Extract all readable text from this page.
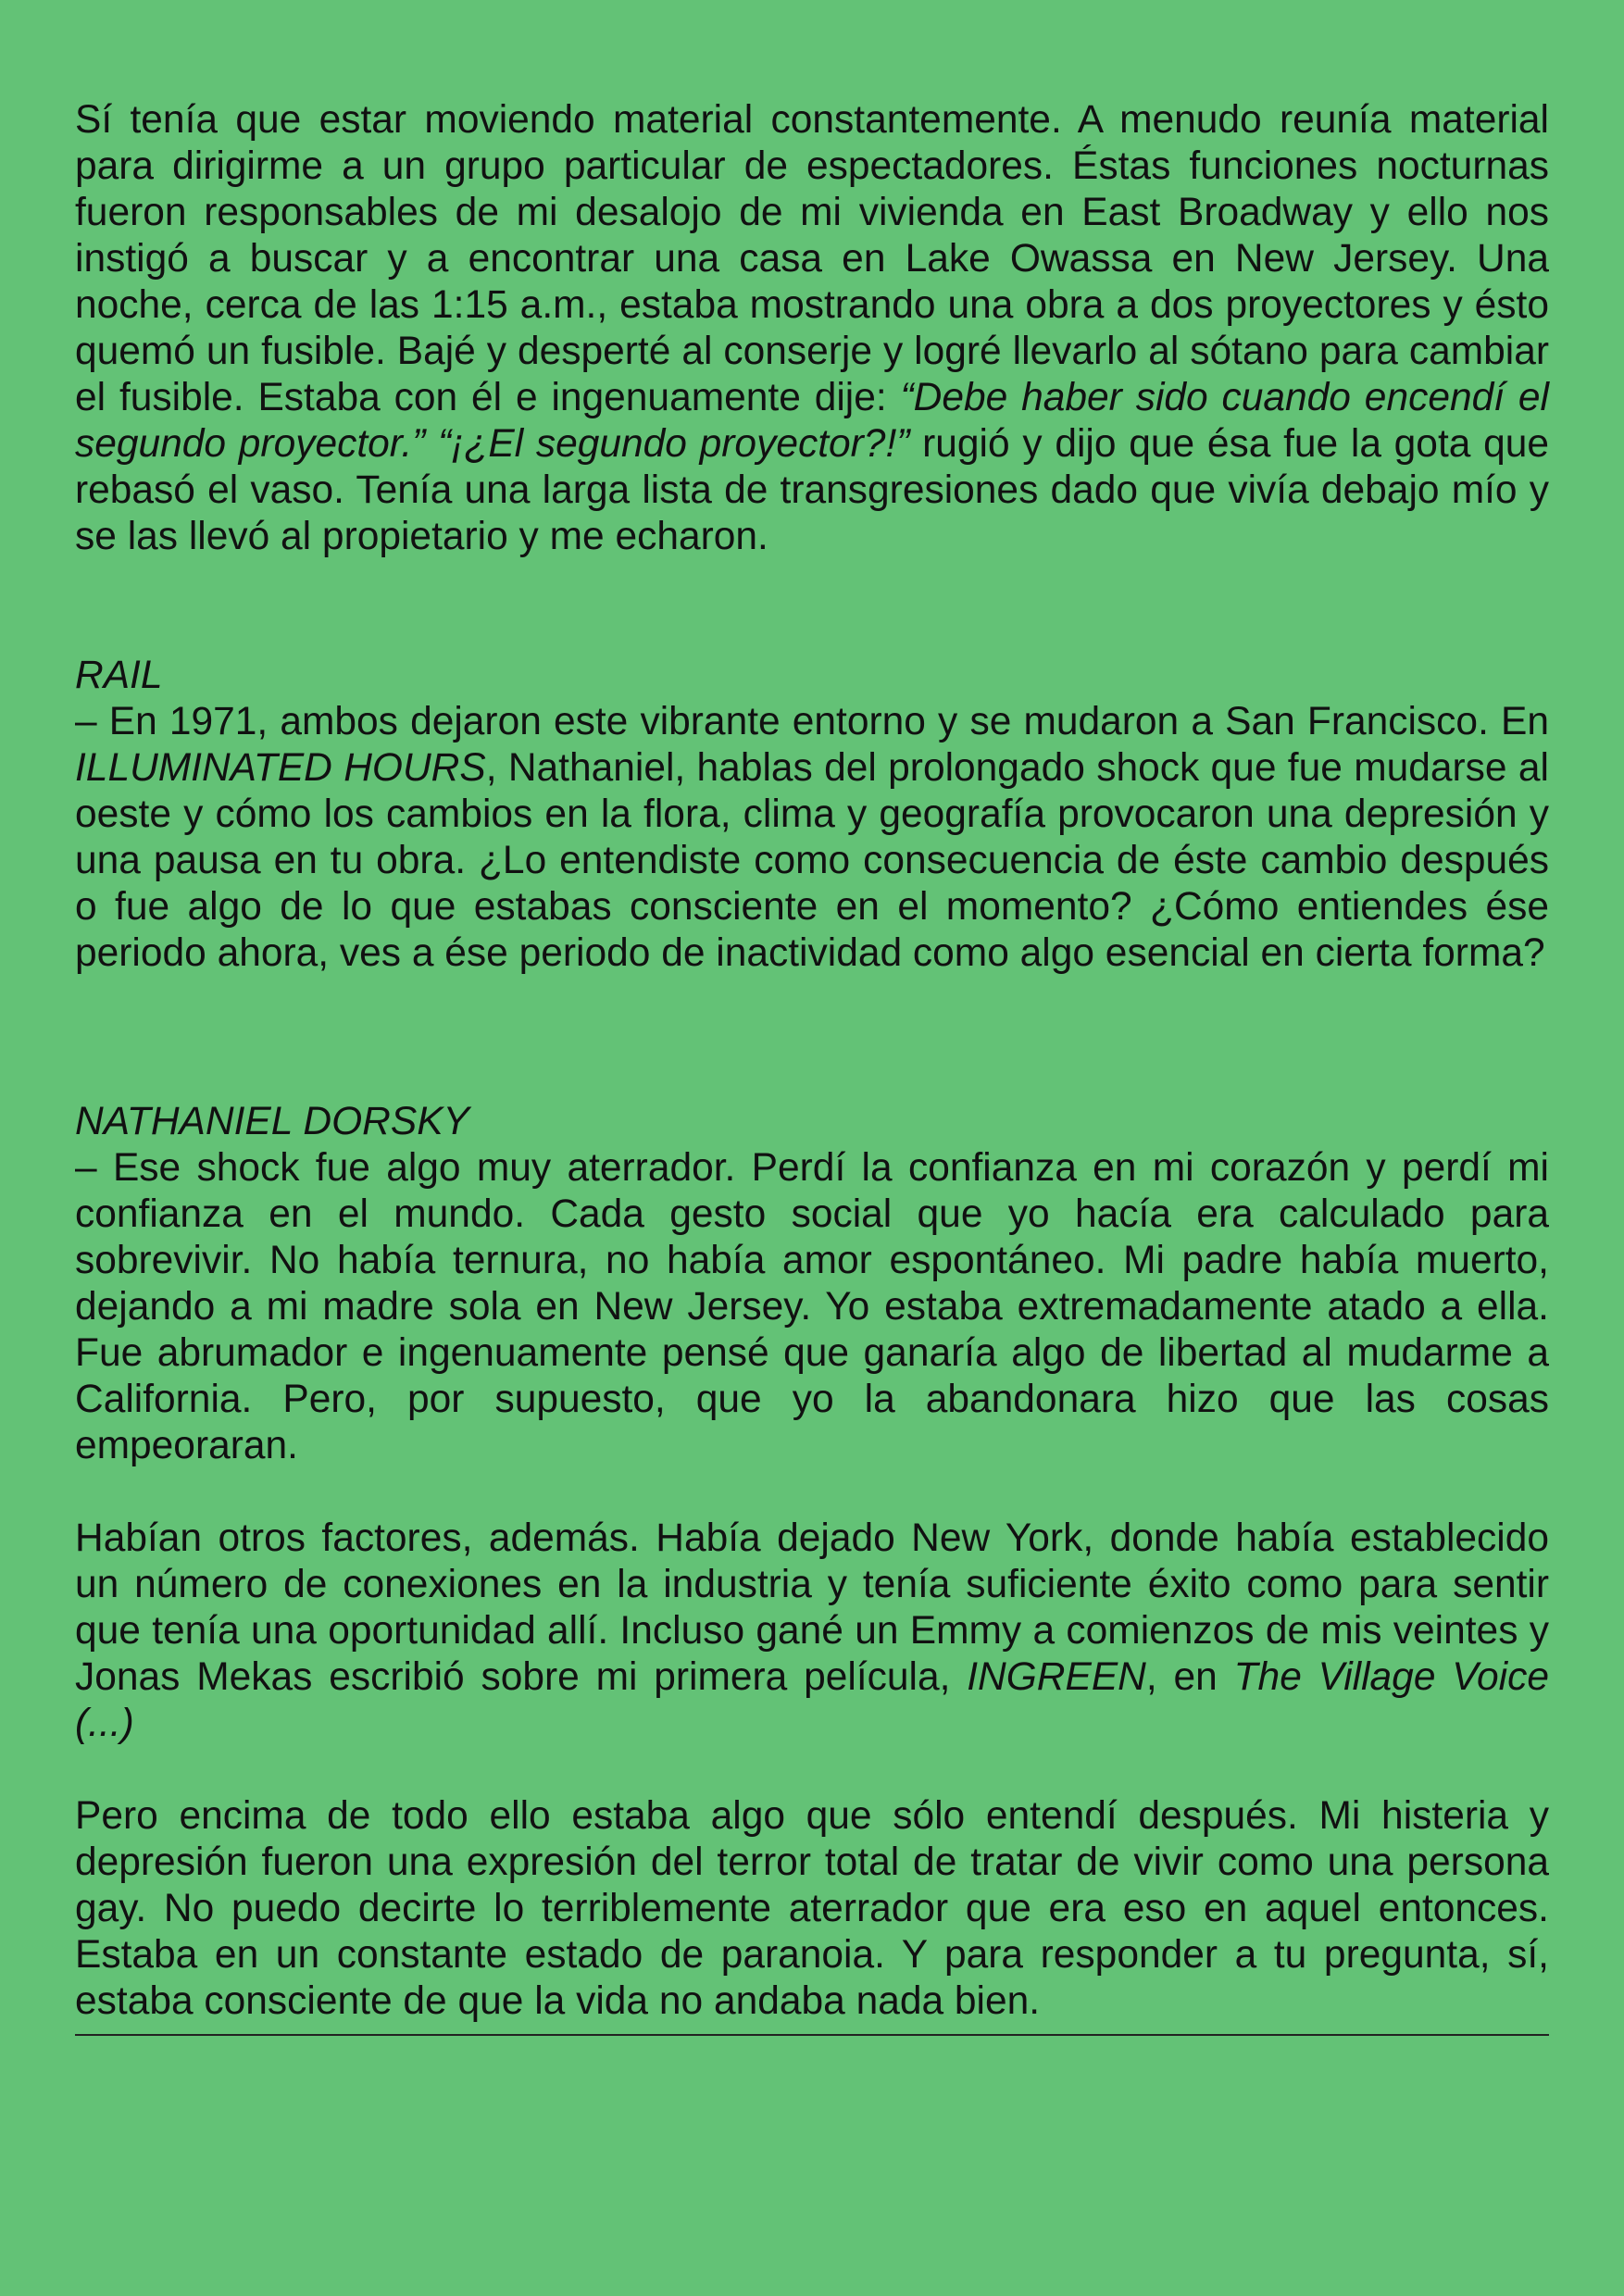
Sí tenía que estar moviendo material constantemente. A menudo reunía material para dirigirme a un grupo particular de espectadores. Éstas funciones nocturnas fueron responsables de mi desalojo de mi vivienda en East Broadway y ello nos instigó a buscar y a encontrar una casa en Lake Owassa en New Jersey. Una noche, cerca de las 1:15 a.m., estaba mostrando una obra a dos proyectores y ésto quemó un fusible. Bajé y desperté al conserje y logré llevarlo al sótano para cambiar el fusible. Estaba con él e ingenuamente dije: “Debe haber sido cuando encendí el segundo proyector.” “¡¿El segundo proyector?!” rugió y dijo que ésa fue la gota que rebasó el vaso. Tenía una larga lista de transgresiones dado que vivía debajo mío y se las llevó al propietario y me echaron.

RAIL

– En 1971, ambos dejaron este vibrante entorno y se mudaron a San Francisco. En ILLUMINATED HOURS, Nathaniel, hablas del prolongado shock que fue mudarse al oeste y cómo los cambios en la flora, clima y geografía provocaron una depresión y una pausa en tu obra. ¿Lo entendiste como consecuencia de éste cambio después o fue algo de lo que estabas consciente en el momento? ¿Cómo entiendes ése periodo ahora, ves a ése periodo de inactividad como algo esencial en cierta forma?

NATHANIEL DORSKY

– Ese shock fue algo muy aterrador. Perdí la confianza en mi corazón y perdí mi confianza en el mundo. Cada gesto social que yo hacía era calculado para sobrevivir. No había ternura, no había amor espontáneo. Mi padre había muerto, dejando a mi madre sola en New Jersey. Yo estaba extremadamente atado a ella. Fue abrumador e ingenuamente pensé que ganaría algo de libertad al mudarme a California. Pero, por supuesto, que yo la abandonara hizo que las cosas empeoraran.

Habían otros factores, además. Había dejado New York, donde había establecido un número de conexiones en la industria y tenía suficiente éxito como para sentir que tenía una oportunidad allí. Incluso gané un Emmy a comienzos de mis veintes y Jonas Mekas escribió sobre mi primera película, INGREEN, en The Village Voice (...)

Pero encima de todo ello estaba algo que sólo entendí después. Mi histeria y depresión fueron una expresión del terror total de tratar de vivir como una persona gay. No puedo decirte lo terriblemente aterrador que era eso en aquel entonces. Estaba en un constante estado de paranoia. Y para responder a tu pregunta, sí, estaba consciente de que la vida no andaba nada bien.
